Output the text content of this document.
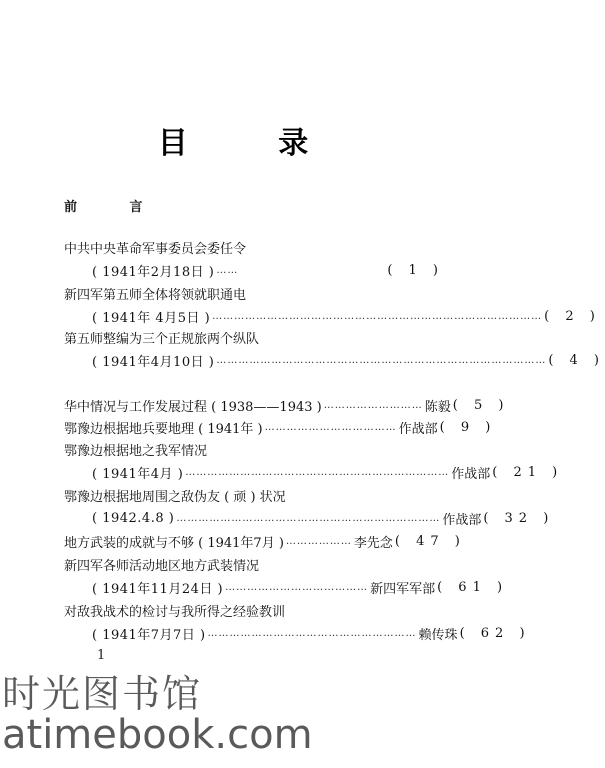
目 录
前 言
中共中央革命军事委员会委任令
( 1941年2月18日 ) ……	( 1 )
新四军第五师全体将领就职通电
( 1941年 4月5日 ) ……………………………………………………………………………… ( 2 )
第五师整编为三个正规旅两个纵队
( 1941年4月10日 ) ……………………………………………………………………………… ( 4 )
华中情况与工作发展过程 ( 1938——1943 ) ……………………… 陈毅 ( 5 )
鄂豫边根据地兵要地理 ( 1941年 ) ……………………………… 作战部 ( 9 )
鄂豫边根据地之我军情况
( 1941年4月 ) ……………………………………………………………… 作战部 ( 21 )
鄂豫边根据地周围之敌伪友 ( 顽 ) 状况
( 1942.4.8 ) ……………………………………………………………… 作战部 ( 32 )
地方武装的成就与不够 ( 1941年7月 ) ……………… 李先念 ( 47 )
新四军各师活动地区地方武装情况
( 1941年11月24日 ) ………………………………… 新四军军部 ( 61 )
对敌我战术的检讨与我所得之经验教训
( 1941年7月7日 ) ………………………………………………… 赖传珠 ( 62 )
1
时光图书馆
atimebook.com
